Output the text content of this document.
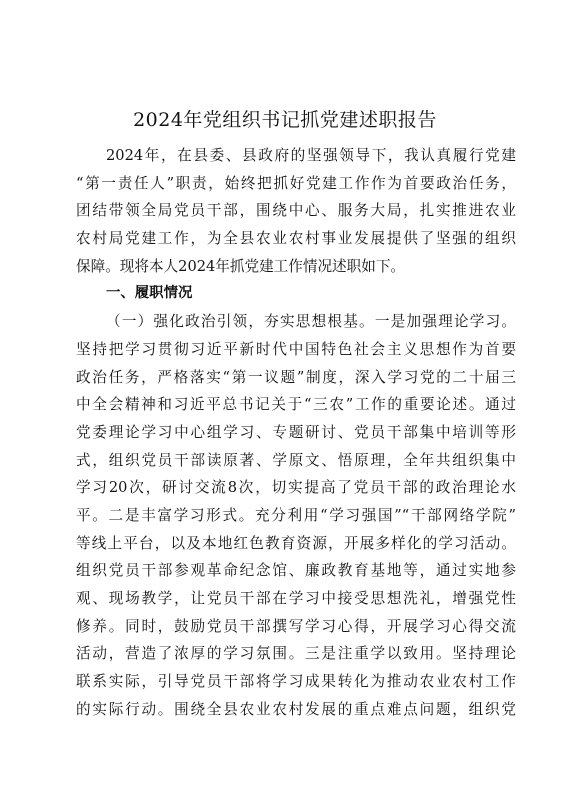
2024年党组织书记抓党建述职报告
2024年，在县委、县政府的坚强领导下，我认真履行党建
“第一责任人”职责，始终把抓好党建工作作为首要政治任务，
团结带领全局党员干部，围绕中心、服务大局，扎实推进农业
农村局党建工作，为全县农业农村事业发展提供了坚强的组织
保障。现将本人2024年抓党建工作情况述职如下。
一、履职情况
（一）强化政治引领，夯实思想根基。一是加强理论学习。
坚持把学习贯彻习近平新时代中国特色社会主义思想作为首要
政治任务，严格落实“第一议题”制度，深入学习党的二十届三
中全会精神和习近平总书记关于“三农”工作的重要论述。通过
党委理论学习中心组学习、专题研讨、党员干部集中培训等形
式，组织党员干部读原著、学原文、悟原理，全年共组织集中
学习20次，研讨交流8次，切实提高了党员干部的政治理论水
平。二是丰富学习形式。充分利用“学习强国”“干部网络学院”
等线上平台，以及本地红色教育资源，开展多样化的学习活动。
组织党员干部参观革命纪念馆、廉政教育基地等，通过实地参
观、现场教学，让党员干部在学习中接受思想洗礼，增强党性
修养。同时，鼓励党员干部撰写学习心得，开展学习心得交流
活动，营造了浓厚的学习氛围。三是注重学以致用。坚持理论
联系实际，引导党员干部将学习成果转化为推动农业农村工作
的实际行动。围绕全县农业农村发展的重点难点问题，组织党
